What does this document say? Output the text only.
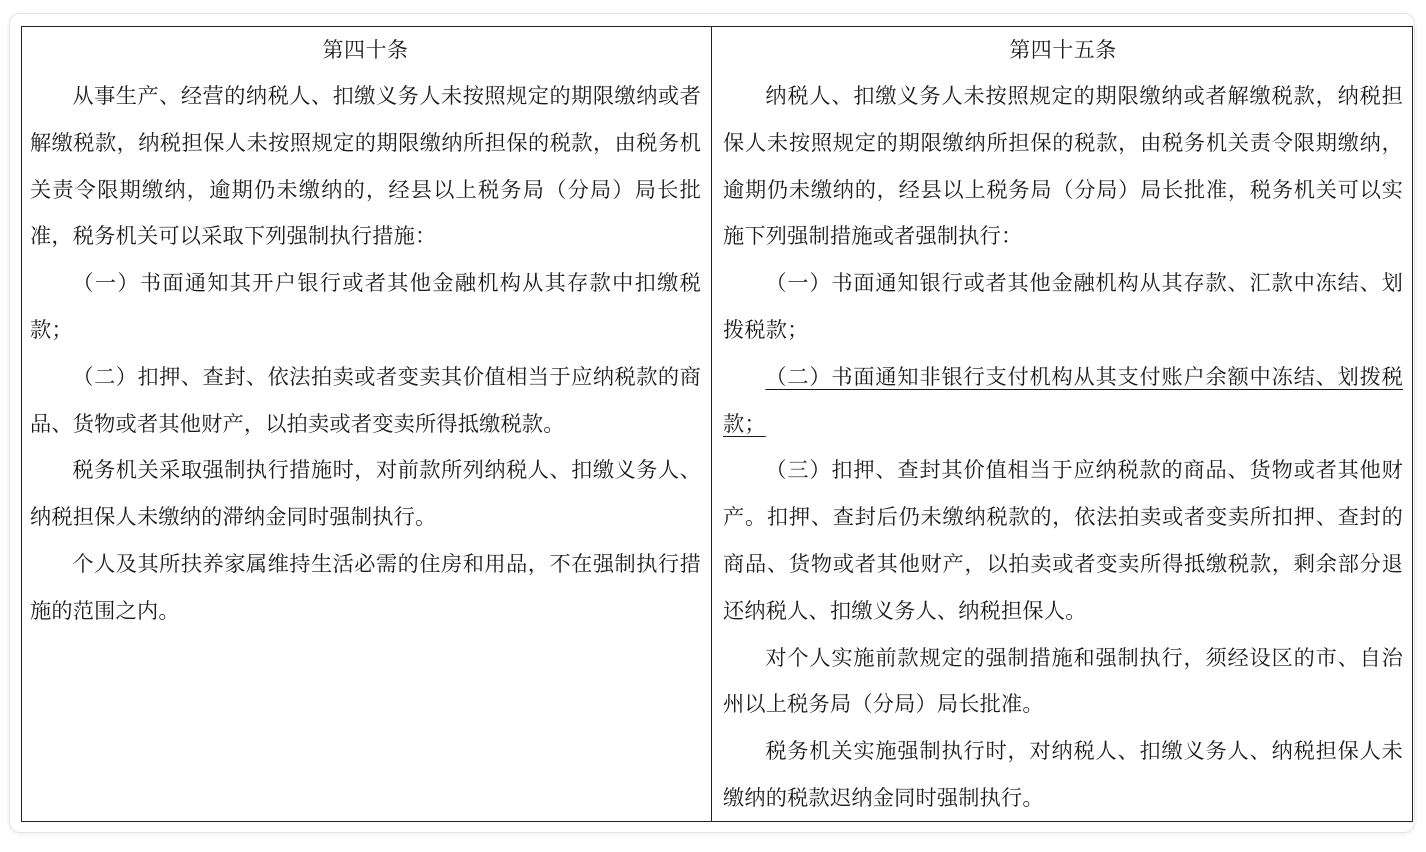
第四十条

从事生产、经营的纳税人、扣缴义务人未按照规定的期限缴纳或者解缴税款，纳税担保人未按照规定的期限缴纳所担保的税款，由税务机关责令限期缴纳，逾期仍未缴纳的，经县以上税务局（分局）局长批准，税务机关可以采取下列强制执行措施：

（一）书面通知其开户银行或者其他金融机构从其存款中扣缴税款；

（二）扣押、查封、依法拍卖或者变卖其价值相当于应纳税款的商品、货物或者其他财产，以拍卖或者变卖所得抵缴税款。

税务机关采取强制执行措施时，对前款所列纳税人、扣缴义务人、纳税担保人未缴纳的滞纳金同时强制执行。

个人及其所扶养家属维持生活必需的住房和用品，不在强制执行措施的范围之内。

第四十五条

纳税人、扣缴义务人未按照规定的期限缴纳或者解缴税款，纳税担保人未按照规定的期限缴纳所担保的税款，由税务机关责令限期缴纳，逾期仍未缴纳的，经县以上税务局（分局）局长批准，税务机关可以实施下列强制措施或者强制执行：

（一）书面通知银行或者其他金融机构从其存款、汇款中冻结、划拨税款；

（二）书面通知非银行支付机构从其支付账户余额中冻结、划拨税款；

（三）扣押、查封其价值相当于应纳税款的商品、货物或者其他财产。扣押、查封后仍未缴纳税款的，依法拍卖或者变卖所扣押、查封的商品、货物或者其他财产，以拍卖或者变卖所得抵缴税款，剩余部分退还纳税人、扣缴义务人、纳税担保人。

对个人实施前款规定的强制措施和强制执行，须经设区的市、自治州以上税务局（分局）局长批准。

税务机关实施强制执行时，对纳税人、扣缴义务人、纳税担保人未缴纳的税款迟纳金同时强制执行。
